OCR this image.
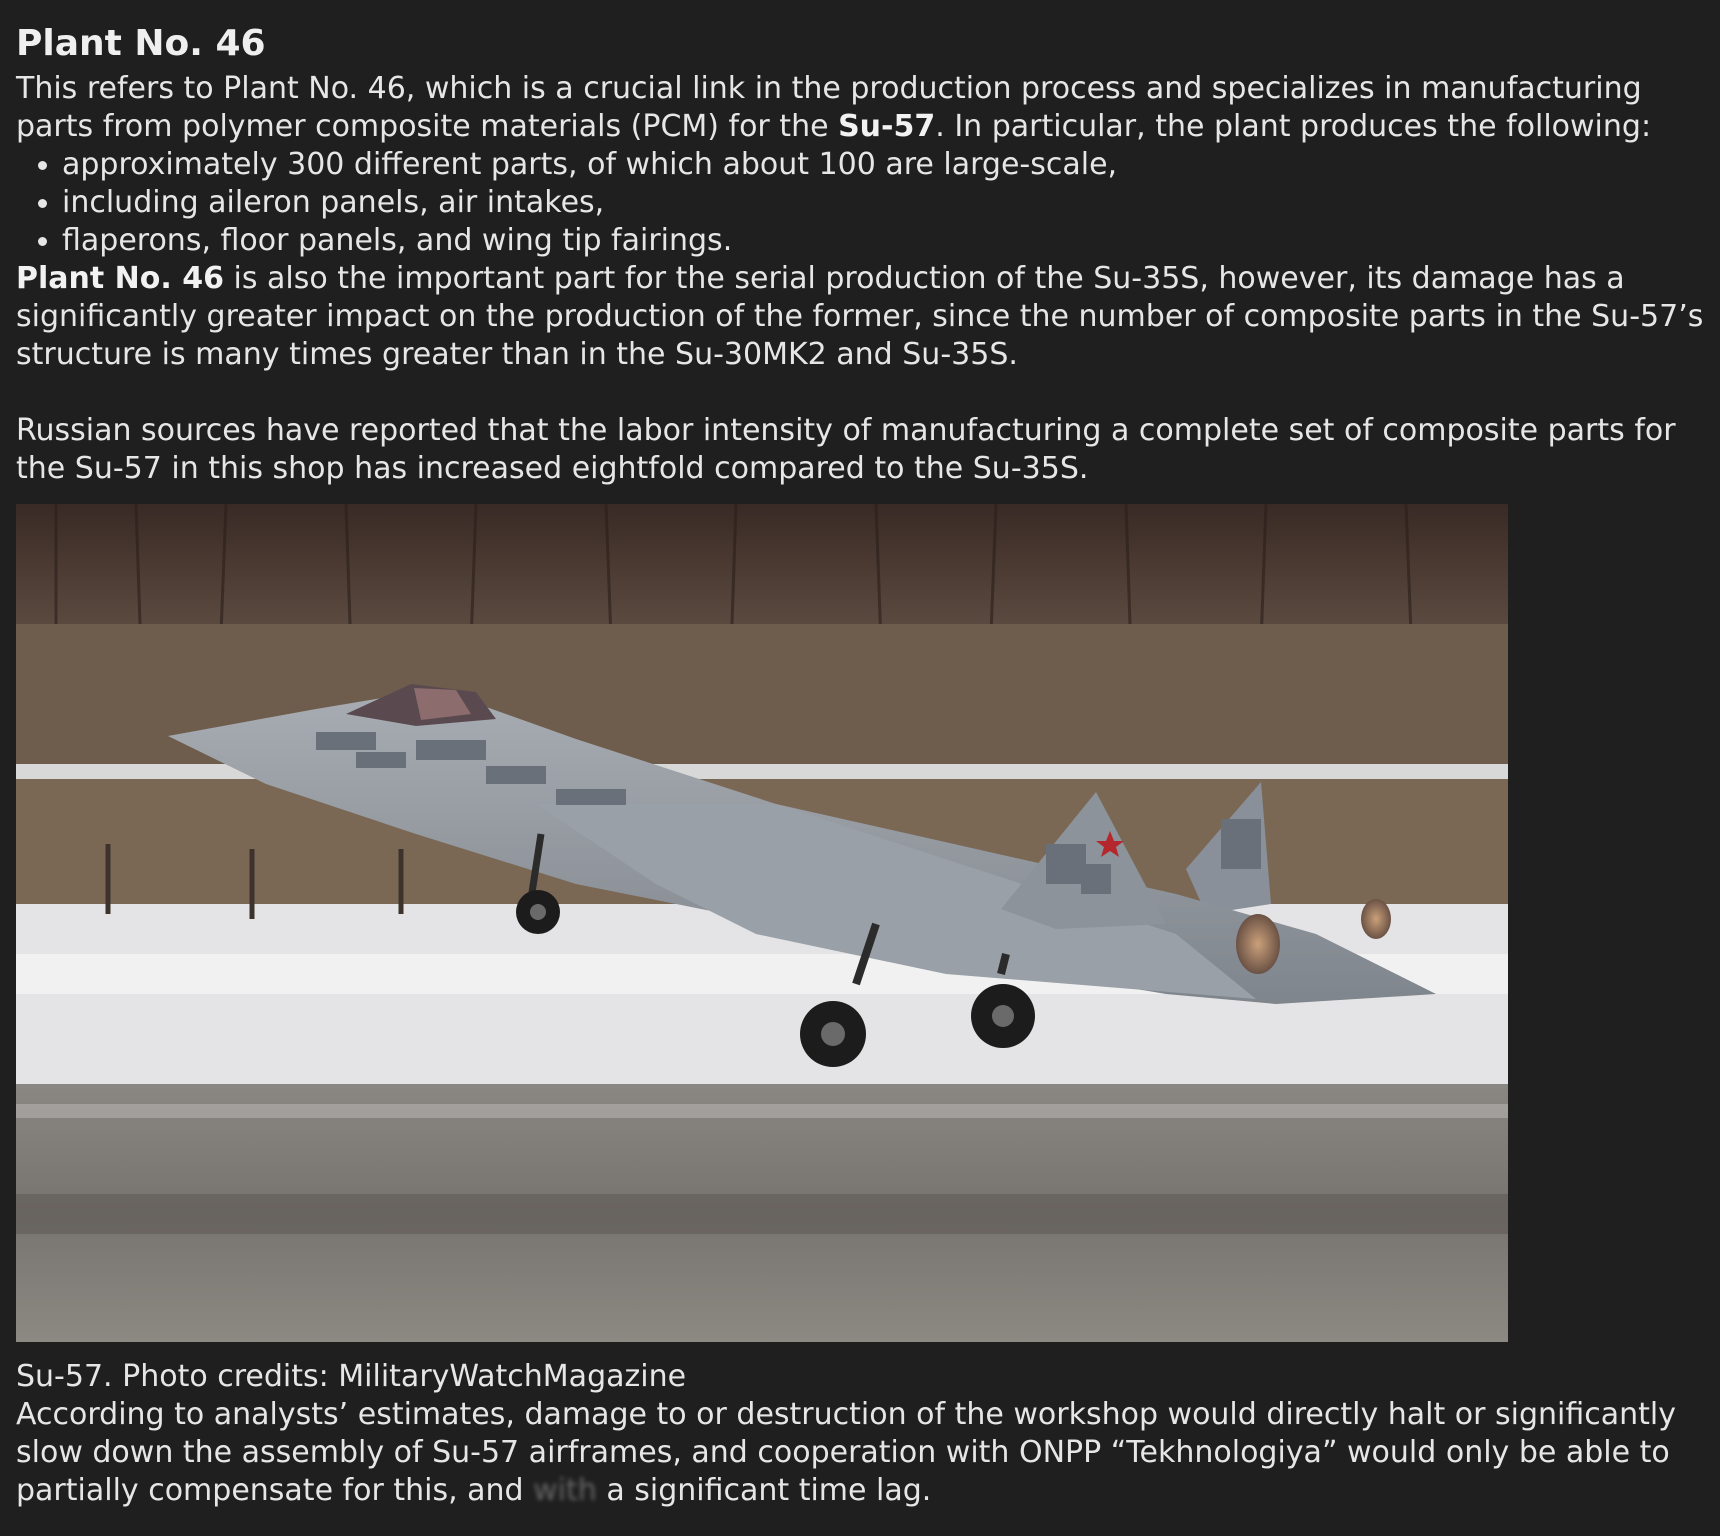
Plant No. 46

This refers to Plant No. 46, which is a crucial link in the production process and specializes in manufacturing parts from polymer composite materials (PCM) for the Su-57. In particular, the plant produces the following:

approximately 300 different parts, of which about 100 are large-scale,
including aileron panels, air intakes,
flaperons, floor panels, and wing tip fairings.

Plant No. 46 is also the important part for the serial production of the Su-35S, however, its damage has a significantly greater impact on the production of the former, since the number of composite parts in the Su-57’s structure is many times greater than in the Su-30MK2 and Su-35S.

Russian sources have reported that the labor intensity of manufacturing a complete set of composite parts for the Su-57 in this shop has increased eightfold compared to the Su-35S.

Su-57. Photo credits: MilitaryWatchMagazine

According to analysts’ estimates, damage to or destruction of the workshop would directly halt or significantly slow down the assembly of Su-57 airframes, and cooperation with ONPP “Tekhnologiya” would only be able to partially compensate for this, and with a significant time lag.
